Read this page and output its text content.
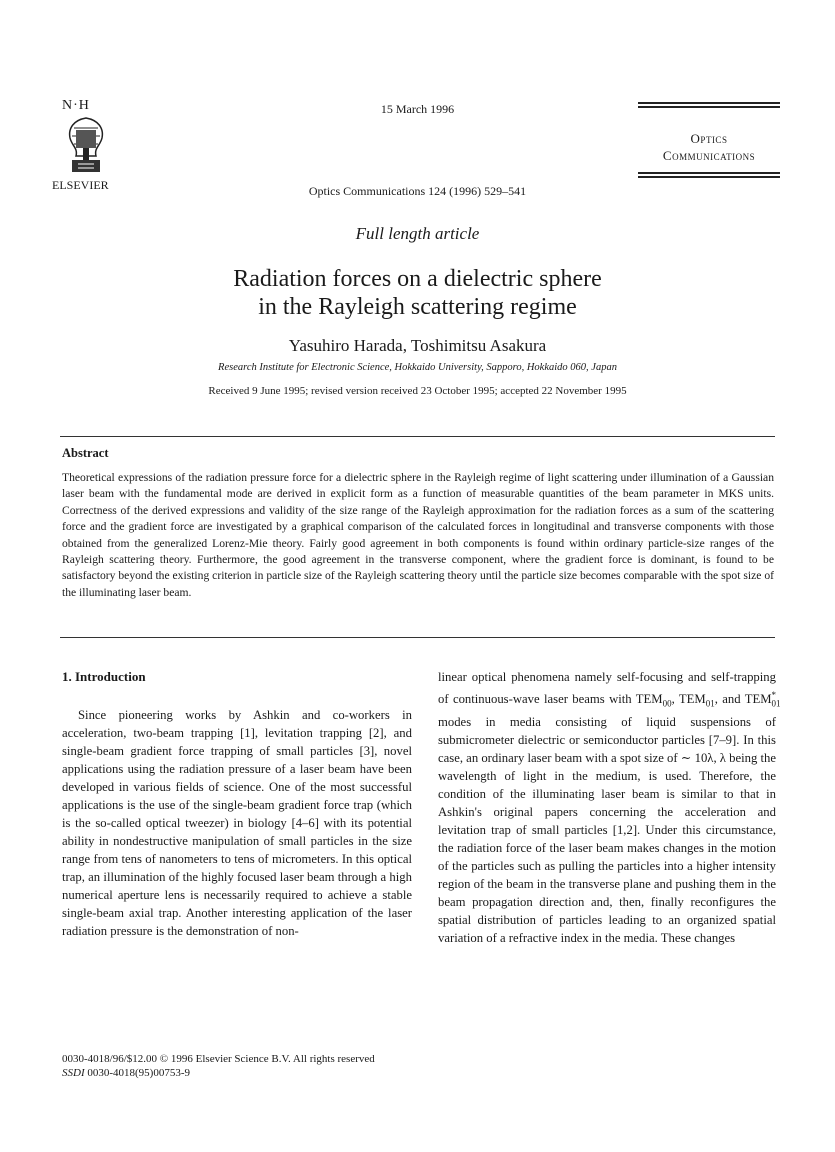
N·H
ELSEVIER
15 March 1996
Optics
Communications
Optics Communications 124 (1996) 529–541
Full length article
Radiation forces on a dielectric sphere
in the Rayleigh scattering regime
Yasuhiro Harada, Toshimitsu Asakura
Research Institute for Electronic Science, Hokkaido University, Sapporo, Hokkaido 060, Japan
Received 9 June 1995; revised version received 23 October 1995; accepted 22 November 1995
Abstract
Theoretical expressions of the radiation pressure force for a dielectric sphere in the Rayleigh regime of light scattering under illumination of a Gaussian laser beam with the fundamental mode are derived in explicit form as a function of measurable quantities of the beam parameter in MKS units. Correctness of the derived expressions and validity of the size range of the Rayleigh approximation for the radiation forces as a sum of the scattering force and the gradient force are investigated by a graphical comparison of the calculated forces in longitudinal and transverse components with those obtained from the generalized Lorenz-Mie theory. Fairly good agreement in both components is found within ordinary particle-size ranges of the Rayleigh scattering theory. Furthermore, the good agreement in the transverse component, where the gradient force is dominant, is found to be satisfactory beyond the existing criterion in particle size of the Rayleigh scattering theory until the particle size becomes comparable with the spot size of the illuminating laser beam.
1. Introduction

Since pioneering works by Ashkin and co-workers in acceleration, two-beam trapping [1], levitation trapping [2], and single-beam gradient force trapping of small particles [3], novel applications using the radiation pressure of a laser beam have been developed in various fields of science. One of the most successful applications is the use of the single-beam gradient force trap (which is the so-called optical tweezer) in biology [4–6] with its potential ability in nondestructive manipulation of small particles in the size range from tens of nanometers to tens of micrometers. In this optical trap, an illumination of the highly focused laser beam through a high numerical aperture lens is necessarily required to achieve a stable single-beam axial trap. Another interesting application of the laser radiation pressure is the demonstration of non-

linear optical phenomena namely self-focusing and self-trapping of continuous-wave laser beams with $TEM_{00}$, $TEM_{01}$, and $TEM_{01}^*$ modes in media consisting of liquid suspensions of submicrometer dielectric or semiconductor particles [7–9]. In this case, an ordinary laser beam with a spot size of ∼ 10λ, λ being the wavelength of light in the medium, is used. Therefore, the condition of the illuminating laser beam is similar to that in Ashkin's original papers concerning the acceleration and levitation trap of small particles [1,2]. Under this circumstance, the radiation force of the laser beam makes changes in the motion of the particles such as pulling the particles into a higher intensity region of the beam in the transverse plane and pushing them in the beam propagation direction and, then, finally reconfigures the spatial distribution of particles leading to an organized spatial variation of a refractive index in the media. These changes

0030-4018/96/$12.00 © 1996 Elsevier Science B.V. All rights reserved
SSDI 0030-4018(95)00753-9
